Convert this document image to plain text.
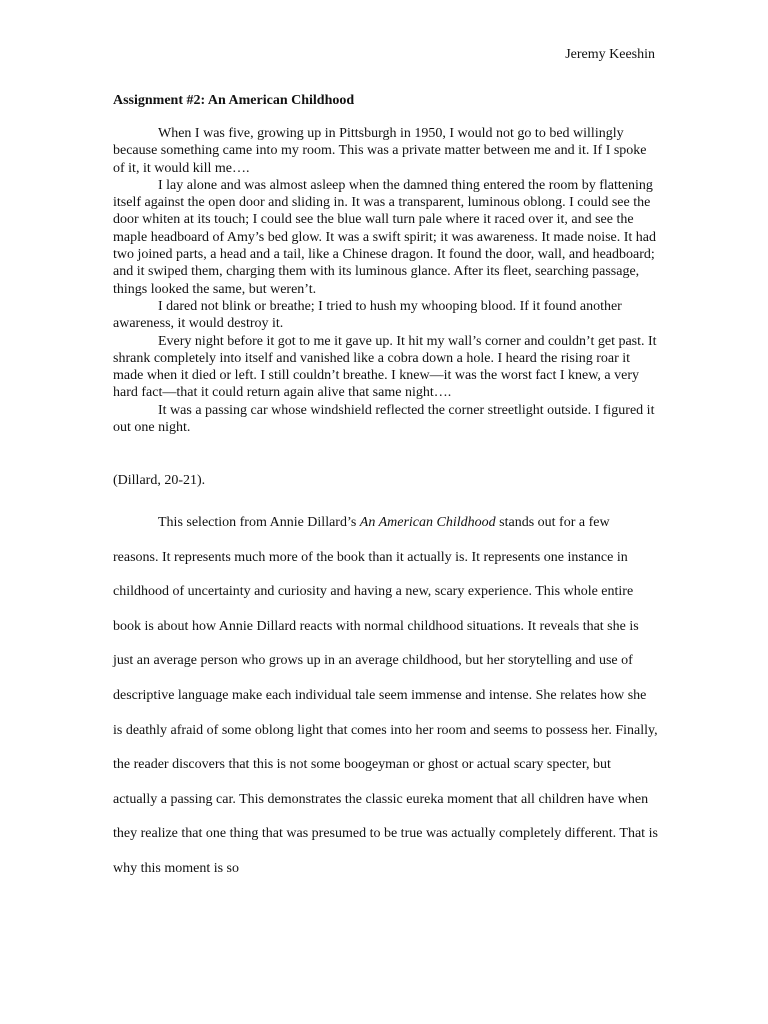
Jeremy Keeshin
Assignment #2: An American Childhood

When I was five, growing up in Pittsburgh in 1950, I would not go to bed willingly because something came into my room. This was a private matter between me and it. If I spoke of it, it would kill me….

I lay alone and was almost asleep when the damned thing entered the room by flattening itself against the open door and sliding in. It was a transparent, luminous oblong. I could see the door whiten at its touch; I could see the blue wall turn pale where it raced over it, and see the maple headboard of Amy’s bed glow. It was a swift spirit; it was awareness. It made noise. It had two joined parts, a head and a tail, like a Chinese dragon. It found the door, wall, and headboard; and it swiped them, charging them with its luminous glance. After its fleet, searching passage, things looked the same, but weren’t.

I dared not blink or breathe; I tried to hush my whooping blood. If it found another awareness, it would destroy it.

Every night before it got to me it gave up. It hit my wall’s corner and couldn’t get past. It shrank completely into itself and vanished like a cobra down a hole. I heard the rising roar it made when it died or left. I still couldn’t breathe. I knew—it was the worst fact I knew, a very hard fact—that it could return again alive that same night….

It was a passing car whose windshield reflected the corner streetlight outside. I figured it out one night.

(Dillard, 20-21).

This selection from Annie Dillard’s An American Childhood stands out for a few reasons. It represents much more of the book than it actually is. It represents one instance in childhood of uncertainty and curiosity and having a new, scary experience. This whole entire book is about how Annie Dillard reacts with normal childhood situations. It reveals that she is just an average person who grows up in an average childhood, but her storytelling and use of descriptive language make each individual tale seem immense and intense. She relates how she is deathly afraid of some oblong light that comes into her room and seems to possess her. Finally, the reader discovers that this is not some boogeyman or ghost or actual scary specter, but actually a passing car. This demonstrates the classic eureka moment that all children have when they realize that one thing that was presumed to be true was actually completely different. That is why this moment is so
